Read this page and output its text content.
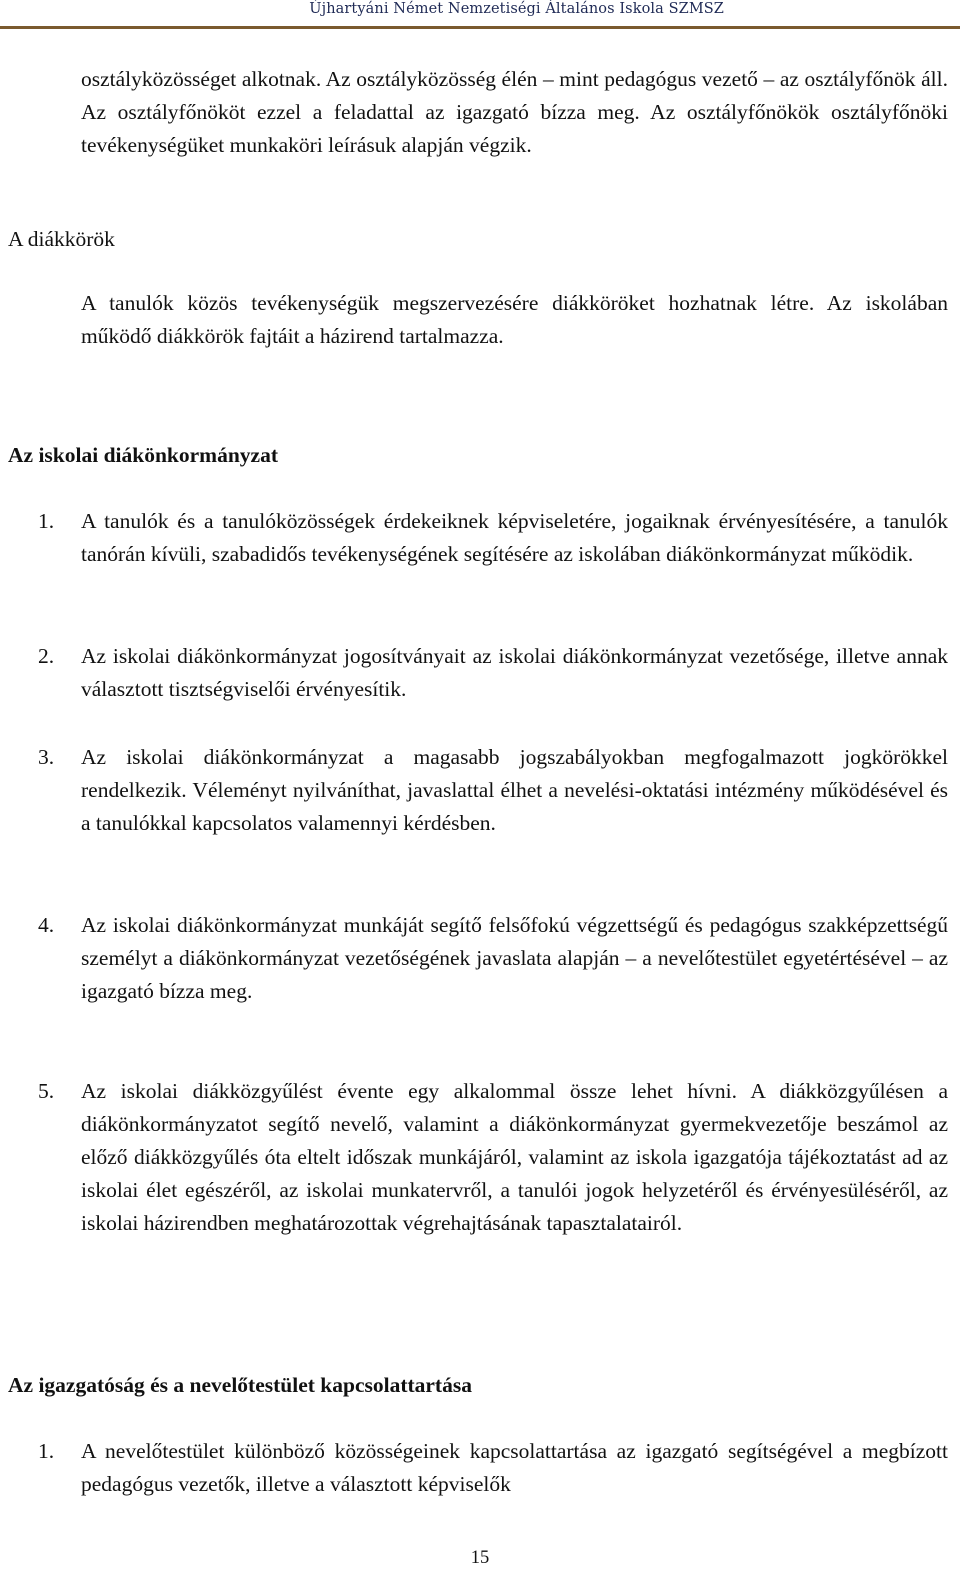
Újhartyáni Német Nemzetiségi Általános Iskola SZMSZ
osztályközösséget alkotnak. Az osztályközösség élén – mint pedagógus vezető – az osztályfőnök áll. Az osztályfőnököt ezzel a feladattal az igazgató bízza meg. Az osztályfőnökök osztályfőnöki tevékenységüket munkaköri leírásuk alapján végzik.
A diákkörök
A tanulók közös tevékenységük megszervezésére diákköröket hozhatnak létre. Az iskolában működő diákkörök fajtáit a házirend tartalmazza.
Az iskolai diákönkormányzat
1. A tanulók és a tanulóközösségek érdekeiknek képviseletére, jogaiknak érvényesítésére, a tanulók tanórán kívüli, szabadidős tevékenységének segítésére az iskolában diákönkormányzat működik.
2. Az iskolai diákönkormányzat jogosítványait az iskolai diákönkormányzat vezetősége, illetve annak választott tisztségviselői érvényesítik.
3. Az iskolai diákönkormányzat a magasabb jogszabályokban megfogalmazott jogkörökkel rendelkezik. Véleményt nyilváníthat, javaslattal élhet a nevelési-oktatási intézmény működésével és a tanulókkal kapcsolatos valamennyi kérdésben.
4. Az iskolai diákönkormányzat munkáját segítő felsőfokú végzettségű és pedagógus szakképzettségű személyt a diákönkormányzat vezetőségének javaslata alapján – a nevelőtestület egyetértésével – az igazgató bízza meg.
5. Az iskolai diákközgyűlést évente egy alkalommal össze lehet hívni. A diákközgyűlésen a diákönkormányzatot segítő nevelő, valamint a diákönkormányzat gyermekvezetője beszámol az előző diákközgyűlés óta eltelt időszak munkájáról, valamint az iskola igazgatója tájékoztatást ad az iskolai élet egészéről, az iskolai munkatervről, a tanulói jogok helyzetéről és érvényesüléséről, az iskolai házirendben meghatározottak végrehajtásának tapasztalatairól.
Az igazgatóság és a nevelőtestület kapcsolattartása
1. A nevelőtestület különböző közösségeinek kapcsolattartása az igazgató segítségével a megbízott pedagógus vezetők, illetve a választott képviselők
15
